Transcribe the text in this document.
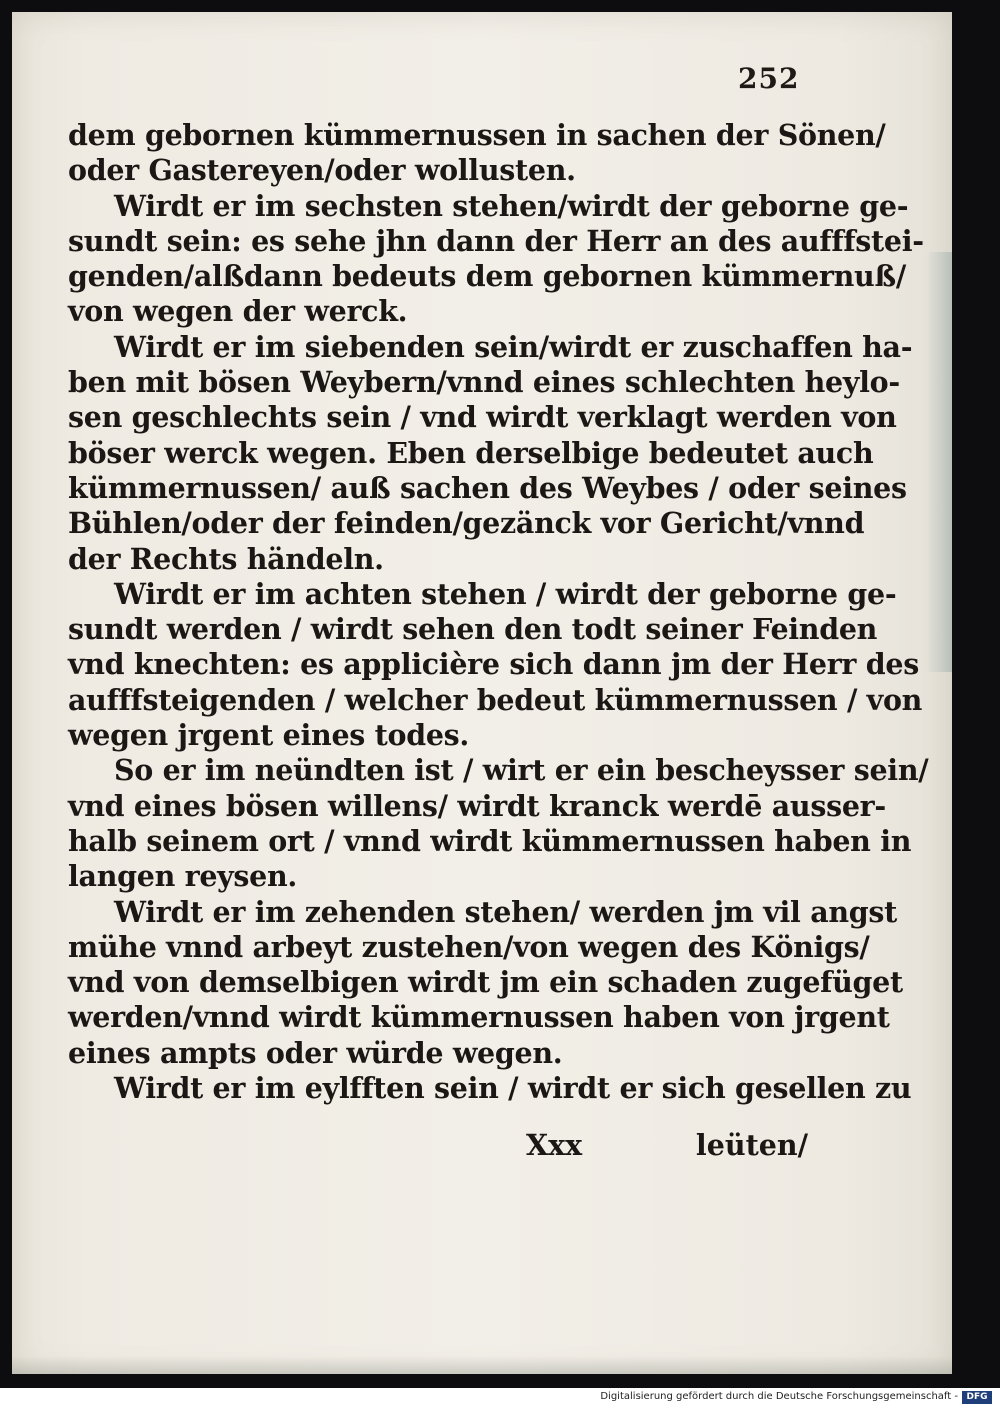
252
dem gebornen kümmernussen in sachen der Sönen/
oder Gastereyen/oder wollusten.
Wirdt er im sechsten stehen/wirdt der geborne ge-
sundt sein: es sehe jhn dann der Herr an des aufffstei-
genden/alßdann bedeuts dem gebornen kümmernuß/
von wegen der werck.
Wirdt er im siebenden sein/wirdt er zuschaffen ha-
ben mit bösen Weybern/vnnd eines schlechten heylo-
sen geschlechts sein / vnd wirdt verklagt werden von
böser werck wegen. Eben derselbige bedeutet auch
kümmernussen/ auß sachen des Weybes / oder seines
Bühlen/oder der feinden/gezänck vor Gericht/vnnd
der Rechts händeln.
Wirdt er im achten stehen / wirdt der geborne ge-
sundt werden / wirdt sehen den todt seiner Feinden
vnd knechten: es applicière sich dann jm der Herr des
aufffsteigenden / welcher bedeut kümmernussen / von
wegen jrgent eines todes.
So er im neündten ist / wirt er ein bescheysser sein/
vnd eines bösen willens/ wirdt kranck werdē ausser-
halb seinem ort / vnnd wirdt kümmernussen haben in
langen reysen.
Wirdt er im zehenden stehen/ werden jm vil angst
mühe vnnd arbeyt zustehen/von wegen des Königs/
vnd von demselbigen wirdt jm ein schaden zugefüget
werden/vnnd wirdt kümmernussen haben von jrgent
eines ampts oder würde wegen.
Wirdt er im eylfften sein / wirdt er sich gesellen zu
Xxx	leüten/
Digitalisierung gefördert durch die Deutsche Forschungsgemeinschaft - DFG
